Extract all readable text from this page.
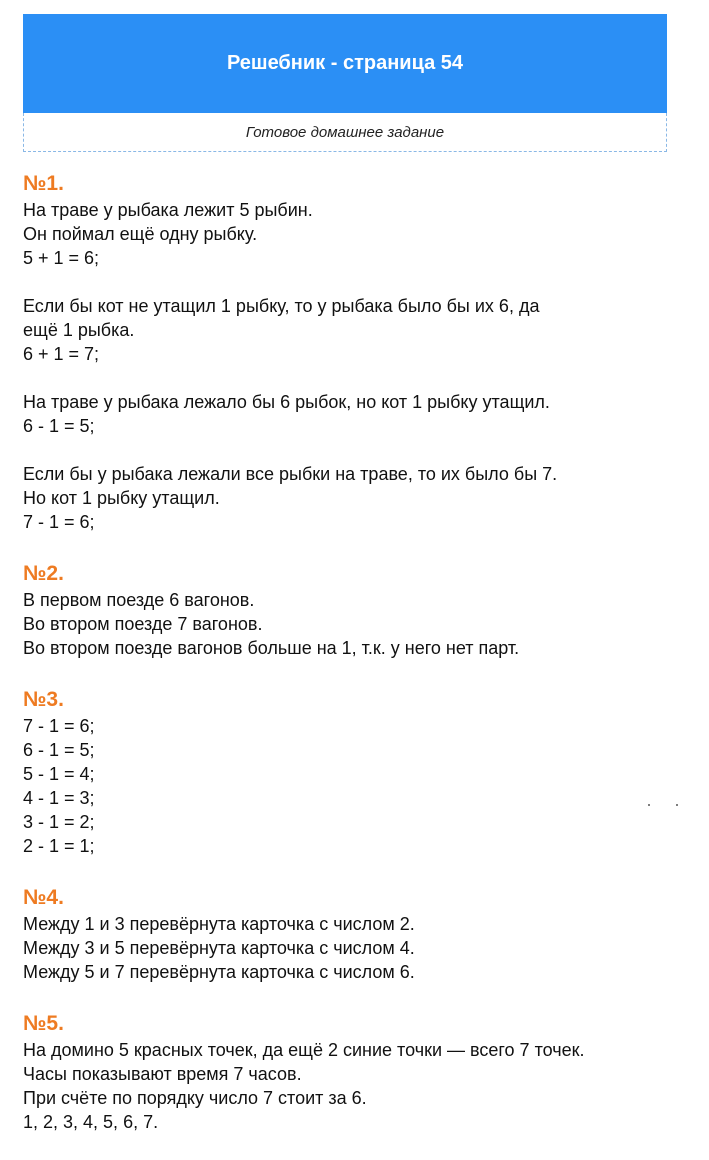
Решебник - страница 54
Готовое домашнее задание
№1.
На траве у рыбака лежит 5 рыбин.
Он поймал ещё одну рыбку.
5 + 1 = 6;
Если бы кот не утащил 1 рыбку, то у рыбака было бы их 6, да
ещё 1 рыбка.
6 + 1 = 7;
На траве у рыбака лежало бы 6 рыбок, но кот 1 рыбку утащил.
6 - 1 = 5;
Если бы у рыбака лежали все рыбки на траве, то их было бы 7.
Но кот 1 рыбку утащил.
7 - 1 = 6;
№2.
В первом поезде 6 вагонов.
Во втором поезде 7 вагонов.
Во втором поезде вагонов больше на 1, т.к. у него нет парт.
№3.
7 - 1 = 6;
6 - 1 = 5;
5 - 1 = 4;
4 - 1 = 3;
3 - 1 = 2;
2 - 1 = 1;
№4.
Между 1 и 3 перевёрнута карточка с числом 2.
Между 3 и 5 перевёрнута карточка с числом 4.
Между 5 и 7 перевёрнута карточка с числом 6.
№5.
На домино 5 красных точек, да ещё 2 синие точки — всего 7 точек.
Часы показывают время 7 часов.
При счёте по порядку число 7 стоит за 6.
1, 2, 3, 4, 5, 6, 7.
